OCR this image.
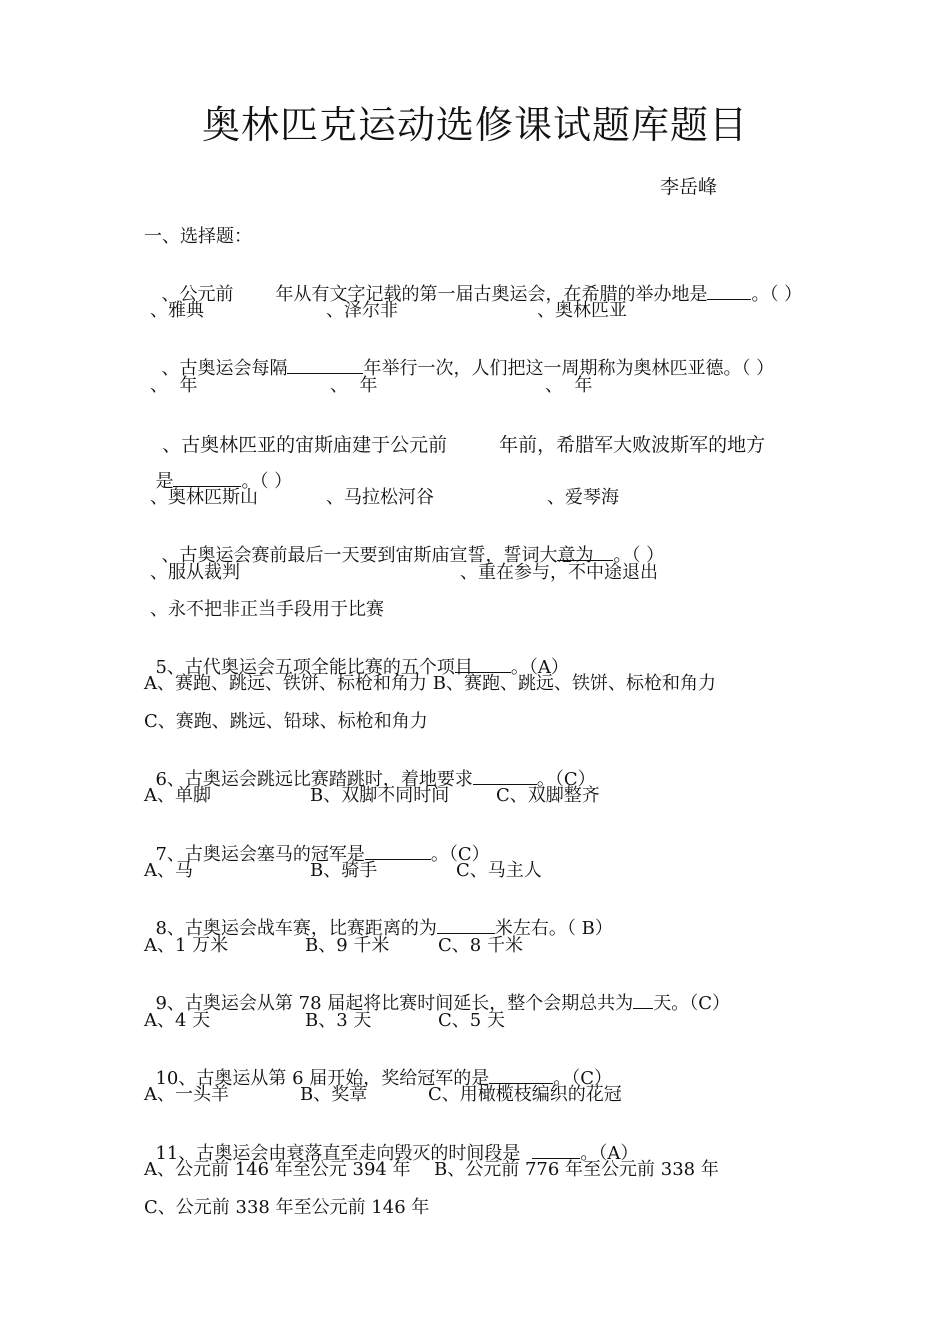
奥林匹克运动选修课试题库题目
李岳峰
一、选择题：

、公元前 年从有文字记载的第一届古奥运会，在希腊的举办地是 。（ ）

、雅典	、泽尔非	、奥林匹亚

、古奥运会每隔	年举行一次，人们把这一周期称为奥林匹亚德。（ ）

、  年	、  年	、  年

、古奥林匹亚的宙斯庙建于公元前	年前，希腊军大败波斯军的地方

是	。（ ）

、奥林匹斯山	、马拉松河谷	、爱琴海

、古奥运会赛前最后一天要到宙斯庙宣誓，誓词大意为 。（ ）

、服从裁判	、重在参与，不中途退出
、永不把非正当手段用于比赛

5、古代奥运会五项全能比赛的五个项目 。（A）

A、赛跑、跳远、铁饼、标枪和角力 B、赛跑、跳远、铁饼、标枪和角力
C、赛跑、跳远、铅球、标枪和角力

6、古奥运会跳远比赛踏跳时，着地要求	。（C）

A、单脚	B、双脚不同时间	C、双脚整齐

7、古奥运会塞马的冠军是	。（C）

A、马	B、骑手	C、马主人

8、古奥运会战车赛，比赛距离的为	米左右。（ B）

A、1 万米	B、9 千米	C、8 千米

9、古奥运会从第 78 届起将比赛时间延长，整个会期总共为 天。（C）

A、4 天	B、3 天	C、5 天

10、古奥运从第 6 届开始，奖给冠军的是	。（C）

A、一头羊	B、奖章	C、用橄榄枝编织的花冠

11、古奥运会由衰落直至走向毁灭的时间段是	。（A）

A、公元前 146 年至公元 394 年 B、公元前 776 年至公元前 338 年
C、公元前 338 年至公元前 146 年
